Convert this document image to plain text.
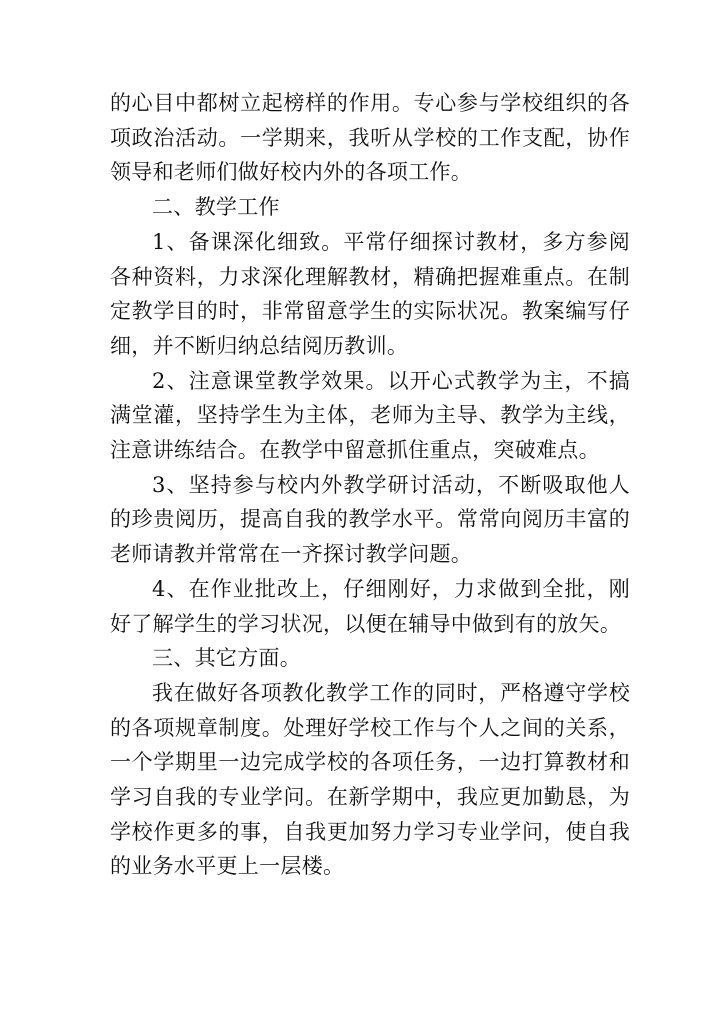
的心目中都树立起榜样的作用。专心参与学校组织的各项政治活动。一学期来，我听从学校的工作支配，协作领导和老师们做好校内外的各项工作。

二、教学工作

1、备课深化细致。平常仔细探讨教材，多方参阅各种资料，力求深化理解教材，精确把握难重点。在制定教学目的时，非常留意学生的实际状况。教案编写仔细，并不断归纳总结阅历教训。

2、注意课堂教学效果。以开心式教学为主，不搞满堂灌，坚持学生为主体，老师为主导、教学为主线，注意讲练结合。在教学中留意抓住重点，突破难点。

3、坚持参与校内外教学研讨活动，不断吸取他人的珍贵阅历，提高自我的教学水平。常常向阅历丰富的老师请教并常常在一齐探讨教学问题。

4、在作业批改上，仔细刚好，力求做到全批，刚好了解学生的学习状况，以便在辅导中做到有的放矢。

三、其它方面。

我在做好各项教化教学工作的同时，严格遵守学校的各项规章制度。处理好学校工作与个人之间的关系，一个学期里一边完成学校的各项任务，一边打算教材和学习自我的专业学问。在新学期中，我应更加勤恳，为学校作更多的事，自我更加努力学习专业学问，使自我的业务水平更上一层楼。
